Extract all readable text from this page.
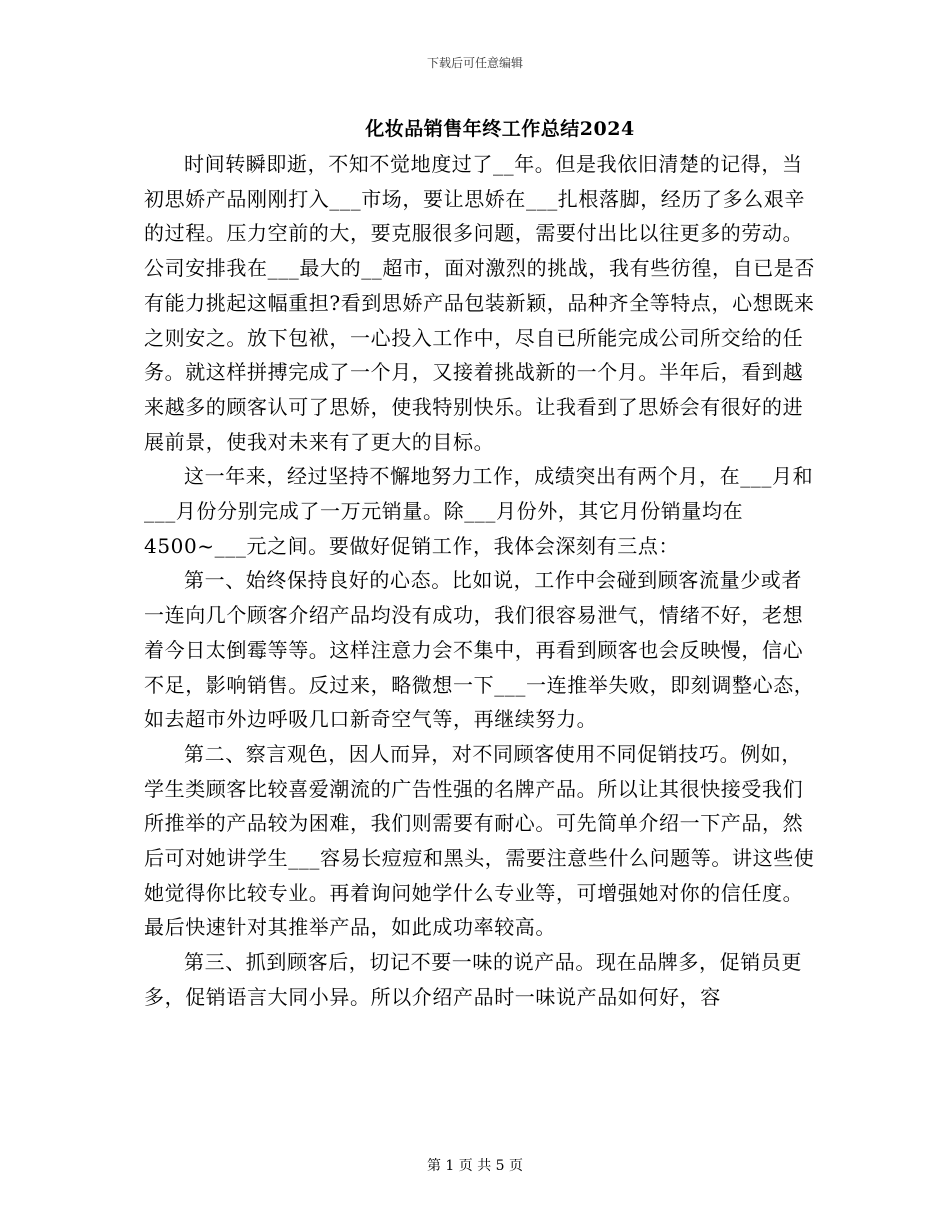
下载后可任意编辑
化妆品销售年终工作总结2024

时间转瞬即逝，不知不觉地度过了__年。但是我依旧清楚的记得，当初思娇产品刚刚打入___市场，要让思娇在___扎根落脚，经历了多么艰辛的过程。压力空前的大，要克服很多问题，需要付出比以往更多的劳动。公司安排我在___最大的__超市，面对激烈的挑战，我有些彷徨，自已是否有能力挑起这幅重担?看到思娇产品包装新颖，品种齐全等特点，心想既来之则安之。放下包袱，一心投入工作中，尽自已所能完成公司所交给的任务。就这样拼搏完成了一个月，又接着挑战新的一个月。半年后，看到越来越多的顾客认可了思娇，使我特别快乐。让我看到了思娇会有很好的进展前景，使我对未来有了更大的目标。

这一年来，经过坚持不懈地努力工作，成绩突出有两个月，在___月和___月份分别完成了一万元销量。除___月份外，其它月份销量均在4500~___元之间。要做好促销工作，我体会深刻有三点：

第一、始终保持良好的心态。比如说，工作中会碰到顾客流量少或者一连向几个顾客介绍产品均没有成功，我们很容易泄气，情绪不好，老想着今日太倒霉等等。这样注意力会不集中，再看到顾客也会反映慢，信心不足，影响销售。反过来，略微想一下___一连推举失败，即刻调整心态，如去超市外边呼吸几口新奇空气等，再继续努力。

第二、察言观色，因人而异，对不同顾客使用不同促销技巧。例如，学生类顾客比较喜爱潮流的广告性强的名牌产品。所以让其很快接受我们所推举的产品较为困难，我们则需要有耐心。可先简单介绍一下产品，然后可对她讲学生___容易长痘痘和黑头，需要注意些什么问题等。讲这些使她觉得你比较专业。再着询问她学什么专业等，可增强她对你的信任度。最后快速针对其推举产品，如此成功率较高。

第三、抓到顾客后，切记不要一味的说产品。现在品牌多，促销员更多，促销语言大同小异。所以介绍产品时一味说产品如何好，容

第 1 页 共 5 页
